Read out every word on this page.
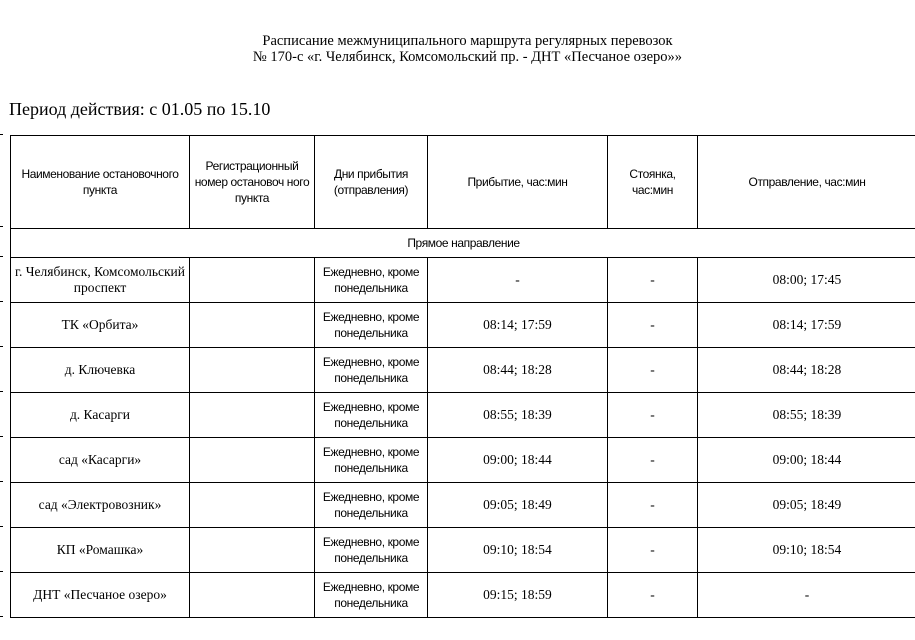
Расписание межмуниципального маршрута регулярных перевозок
№ 170-с «г. Челябинск, Комсомольский пр. - ДНТ «Песчаное озеро»»
Период действия: с 01.05 по 15.10
Наименование остановочного пункта	Регистрационный номер остановоч ного пункта	Дни прибытия (отправления)	Прибытие, час:мин	Стоянка, час:мин	Отправление, час:мин
Прямое направление					
г. Челябинск, Комсомольский проспект		Ежедневно, кроме понедельника	-	-	08:00; 17:45
ТК «Орбита»		Ежедневно, кроме понедельника	08:14; 17:59	-	08:14; 17:59
д. Ключевка		Ежедневно, кроме понедельника	08:44; 18:28	-	08:44; 18:28
д. Касарги		Ежедневно, кроме понедельника	08:55; 18:39	-	08:55; 18:39
сад «Касарги»		Ежедневно, кроме понедельника	09:00; 18:44	-	09:00; 18:44
сад «Электровозник»		Ежедневно, кроме понедельника	09:05; 18:49	-	09:05; 18:49
КП «Ромашка»		Ежедневно, кроме понедельника	09:10; 18:54	-	09:10; 18:54
ДНТ «Песчаное озеро»		Ежедневно, кроме понедельника	09:15; 18:59	-	-
